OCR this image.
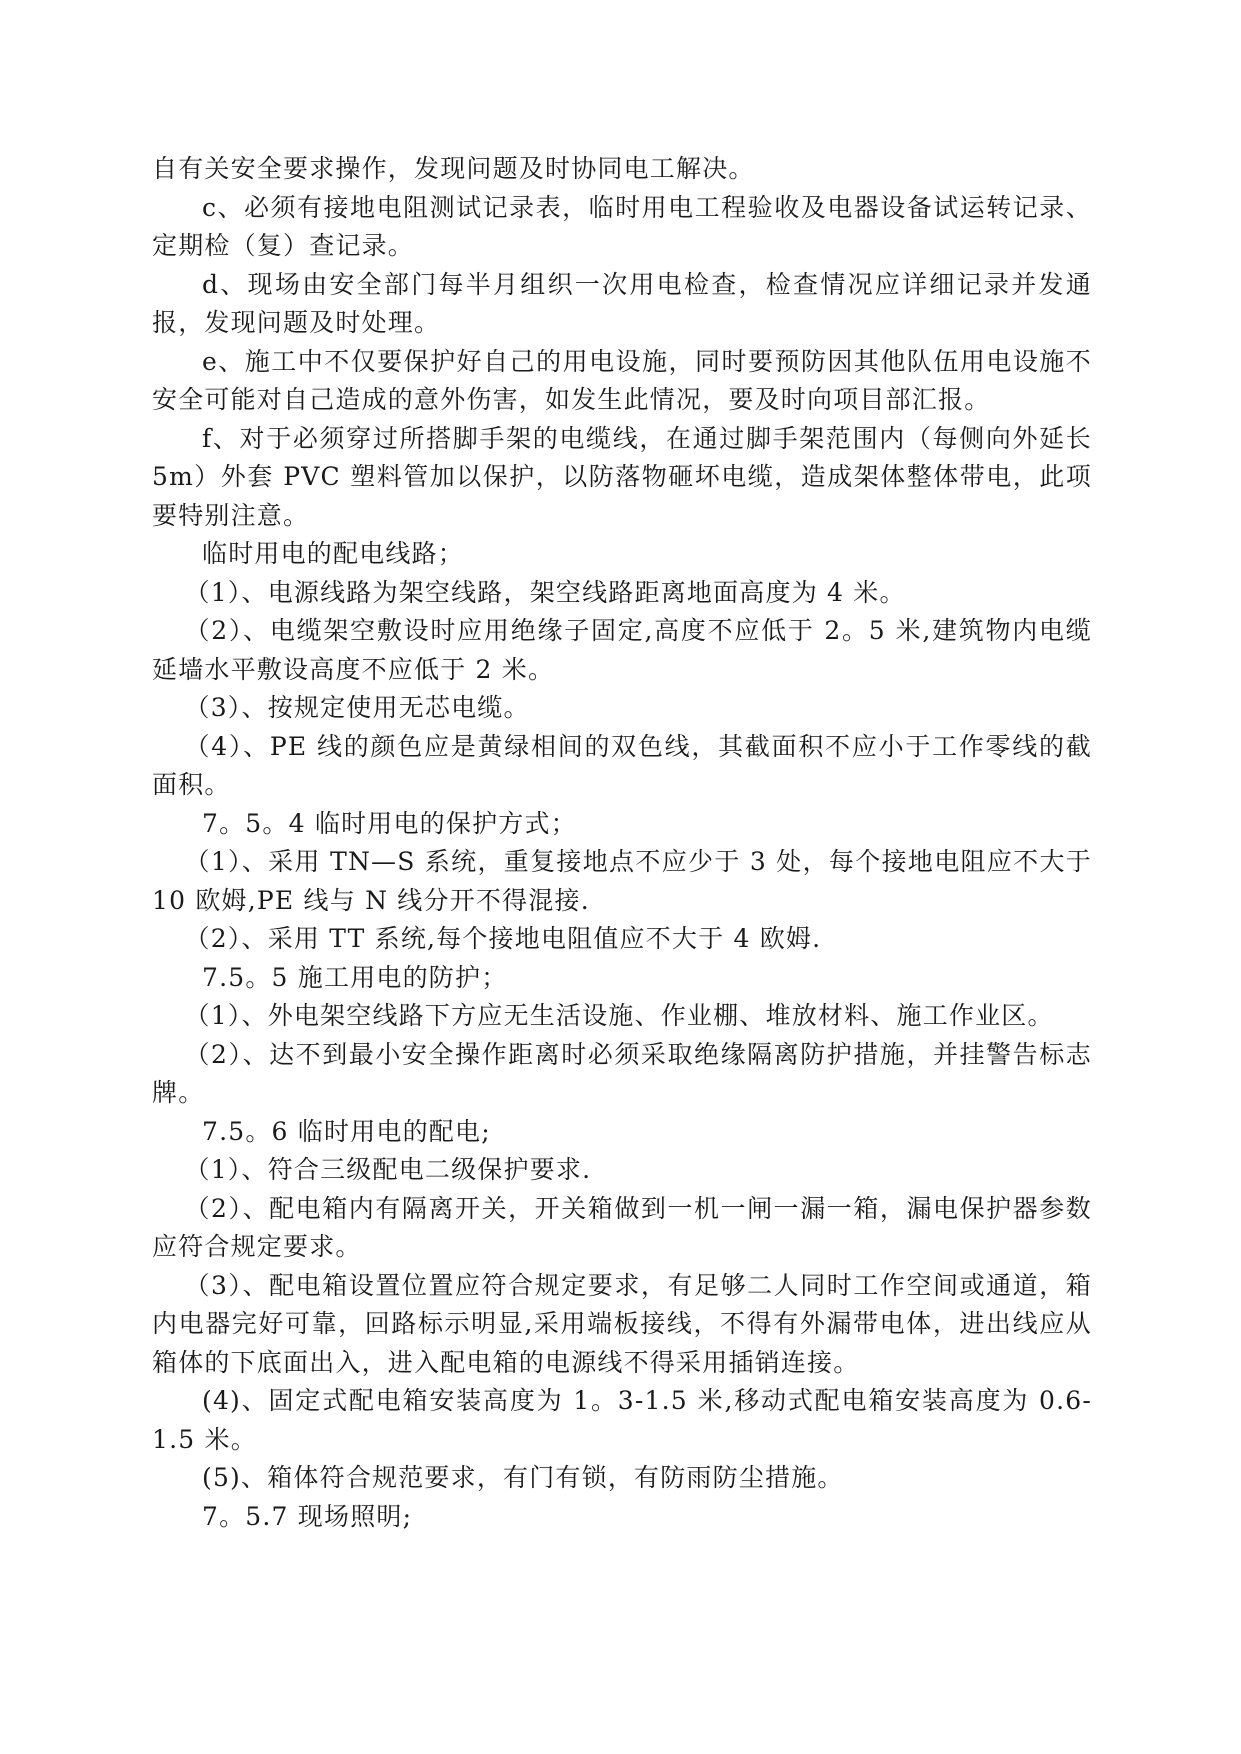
自有关安全要求操作，发现问题及时协同电工解决。

c、必须有接地电阻测试记录表，临时用电工程验收及电器设备试运转记录、定期检（复）查记录。

d、现场由安全部门每半月组织一次用电检查，检查情况应详细记录并发通报，发现问题及时处理。

e、施工中不仅要保护好自己的用电设施，同时要预防因其他队伍用电设施不安全可能对自己造成的意外伤害，如发生此情况，要及时向项目部汇报。

f、对于必须穿过所搭脚手架的电缆线，在通过脚手架范围内（每侧向外延长 5m）外套 PVC 塑料管加以保护，以防落物砸坏电缆，造成架体整体带电，此项要特别注意。

临时用电的配电线路；

（1）、电源线路为架空线路，架空线路距离地面高度为 4 米。

（2）、电缆架空敷设时应用绝缘子固定,高度不应低于 2。5 米,建筑物内电缆延墙水平敷设高度不应低于 2 米。

（3）、按规定使用无芯电缆。

（4）、PE 线的颜色应是黄绿相间的双色线，其截面积不应小于工作零线的截面积。

7。5。4 临时用电的保护方式；

（1）、采用 TN—S 系统，重复接地点不应少于 3 处，每个接地电阻应不大于 10 欧姆,PE 线与 N 线分开不得混接.

（2）、采用 TT 系统,每个接地电阻值应不大于 4 欧姆.

7.5。5 施工用电的防护；

（1）、外电架空线路下方应无生活设施、作业棚、堆放材料、施工作业区。

（2）、达不到最小安全操作距离时必须采取绝缘隔离防护措施，并挂警告标志牌。

7.5。6 临时用电的配电;

（1）、符合三级配电二级保护要求.

（2）、配电箱内有隔离开关，开关箱做到一机一闸一漏一箱，漏电保护器参数应符合规定要求。

（3）、配电箱设置位置应符合规定要求，有足够二人同时工作空间或通道，箱内电器完好可靠，回路标示明显,采用端板接线，不得有外漏带电体，进出线应从箱体的下底面出入，进入配电箱的电源线不得采用插销连接。

(4)、固定式配电箱安装高度为 1。3-1.5 米,移动式配电箱安装高度为 0.6-1.5 米。

(5)、箱体符合规范要求，有门有锁，有防雨防尘措施。

7。5.7 现场照明;
